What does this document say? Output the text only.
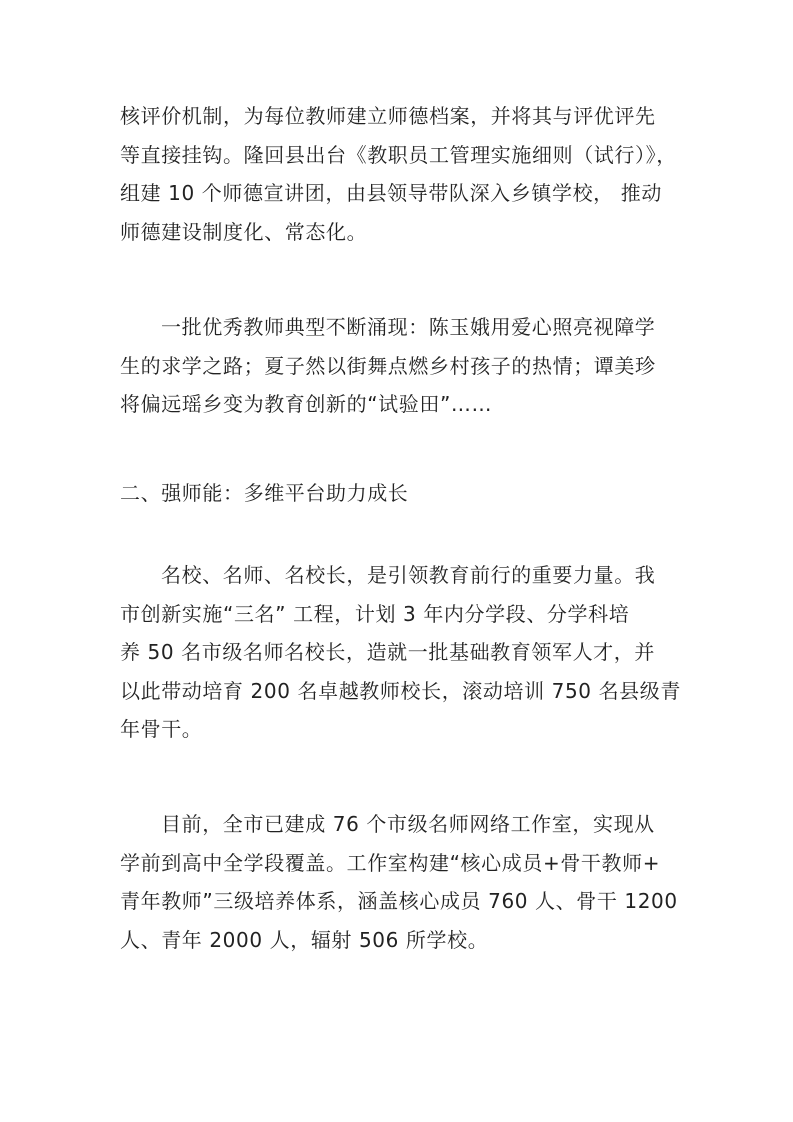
核评价机制，为每位教师建立师德档案，并将其与评优评先
等直接挂钩。隆回县出台《教职员工管理实施细则（试行）》，
组建 10 个师德宣讲团，由县领导带队深入乡镇学校， 推动
师德建设制度化、常态化。
一批优秀教师典型不断涌现：陈玉娥用爱心照亮视障学
生的求学之路；夏子然以街舞点燃乡村孩子的热情；谭美珍
将偏远瑶乡变为教育创新的“试验田”……
二、强师能：多维平台助力成长
名校、名师、名校长，是引领教育前行的重要力量。我
市创新实施“三名” 工程，计划 3 年内分学段、分学科培
养 50 名市级名师名校长，造就一批基础教育领军人才，并
以此带动培育 200 名卓越教师校长，滚动培训 750 名县级青
年骨干。
目前，全市已建成 76 个市级名师网络工作室，实现从
学前到高中全学段覆盖。工作室构建“核心成员+骨干教师+
青年教师”三级培养体系，涵盖核心成员 760 人、骨干 1200
人、青年 2000 人，辐射 506 所学校。
